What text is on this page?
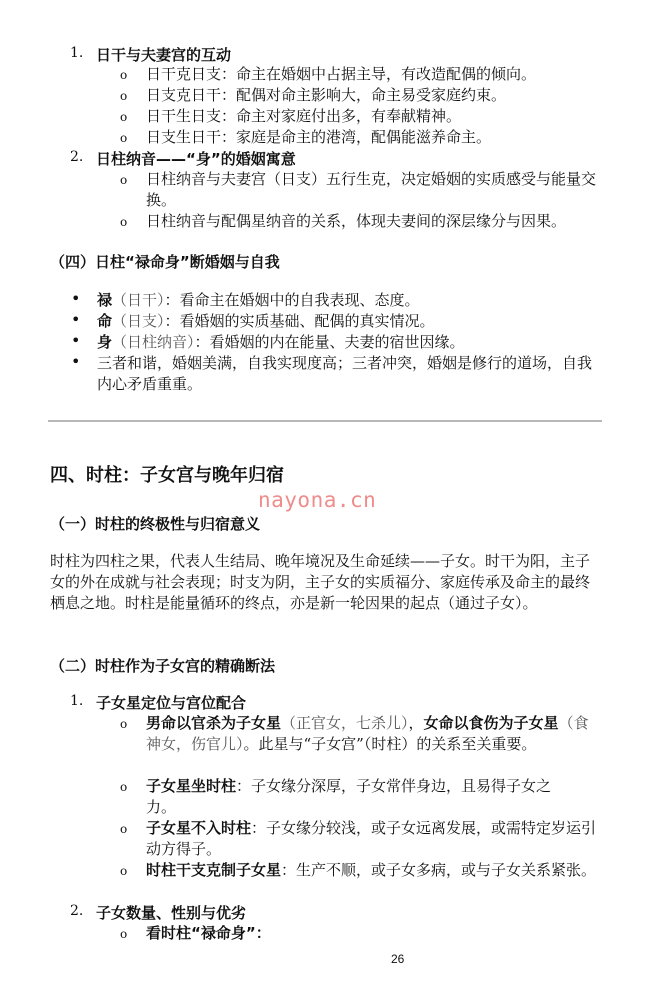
1. 日干与夫妻宫的互动
o 日干克日支：命主在婚姻中占据主导，有改造配偶的倾向。
o 日支克日干：配偶对命主影响大，命主易受家庭约束。
o 日干生日支：命主对家庭付出多，有奉献精神。
o 日支生日干：家庭是命主的港湾，配偶能滋养命主。
2. 日柱纳音——“身”的婚姻寓意
o 日柱纳音与夫妻宫（日支）五行生克，决定婚姻的实质感受与能量交换。
o 日柱纳音与配偶星纳音的关系，体现夫妻间的深层缘分与因果。
（四）日柱“禄命身”断婚姻与自我
• 禄（日干）：看命主在婚姻中的自我表现、态度。
• 命（日支）：看婚姻的实质基础、配偶的真实情况。
• 身（日柱纳音）：看婚姻的内在能量、夫妻的宿世因缘。
• 三者和谐，婚姻美满，自我实现度高；三者冲突，婚姻是修行的道场，自我内心矛盾重重。
四、时柱：子女宫与晚年归宿
nayona.cn
（一）时柱的终极性与归宿意义
时柱为四柱之果，代表人生结局、晚年境况及生命延续——子女。时干为阳，主子女的外在成就与社会表现；时支为阴，主子女的实质福分、家庭传承及命主的最终栖息之地。时柱是能量循环的终点，亦是新一轮因果的起点（通过子女）。
（二）时柱作为子女宫的精确断法
1. 子女星定位与宫位配合
o 男命以官杀为子女星（正官女，七杀儿），女命以食伤为子女星（食神女，伤官儿）。此星与“子女宫”（时柱）的关系至关重要。
o 子女星坐时柱：子女缘分深厚，子女常伴身边，且易得子女之力。
o 子女星不入时柱：子女缘分较浅，或子女远离发展，或需特定岁运引动方得子。
o 时柱干支克制子女星：生产不顺，或子女多病，或与子女关系紧张。
2. 子女数量、性别与优劣
o 看时柱“禄命身”：
26
